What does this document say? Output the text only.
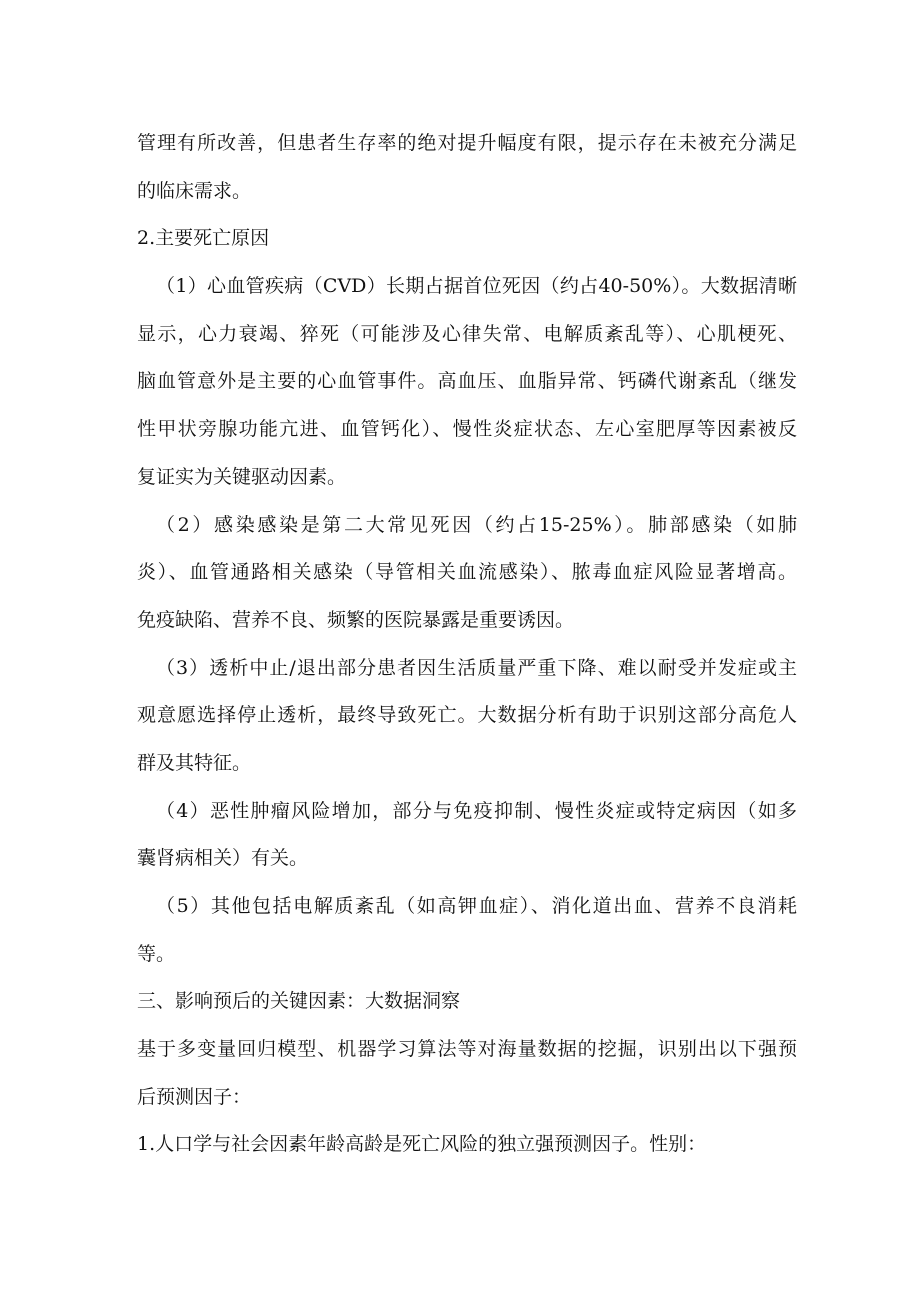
管理有所改善，但患者生存率的绝对提升幅度有限，提示存在未被充分满足
的临床需求。
2.主要死亡原因
（1）心血管疾病（CVD）长期占据首位死因（约占40-50%）。大数据清晰
显示，心力衰竭、猝死（可能涉及心律失常、电解质紊乱等）、心肌梗死、
脑血管意外是主要的心血管事件。高血压、血脂异常、钙磷代谢紊乱（继发
性甲状旁腺功能亢进、血管钙化）、慢性炎症状态、左心室肥厚等因素被反
复证实为关键驱动因素。
（2）感染感染是第二大常见死因（约占15-25%）。肺部感染（如肺
炎）、血管通路相关感染（导管相关血流感染）、脓毒血症风险显著增高。
免疫缺陷、营养不良、频繁的医院暴露是重要诱因。
（3）透析中止/退出部分患者因生活质量严重下降、难以耐受并发症或主
观意愿选择停止透析，最终导致死亡。大数据分析有助于识别这部分高危人
群及其特征。
（4）恶性肿瘤风险增加，部分与免疫抑制、慢性炎症或特定病因（如多
囊肾病相关）有关。
（5）其他包括电解质紊乱（如高钾血症）、消化道出血、营养不良消耗
等。
三、影响预后的关键因素：大数据洞察
基于多变量回归模型、机器学习算法等对海量数据的挖掘，识别出以下强预
后预测因子：
1.人口学与社会因素年龄高龄是死亡风险的独立强预测因子。性别：
